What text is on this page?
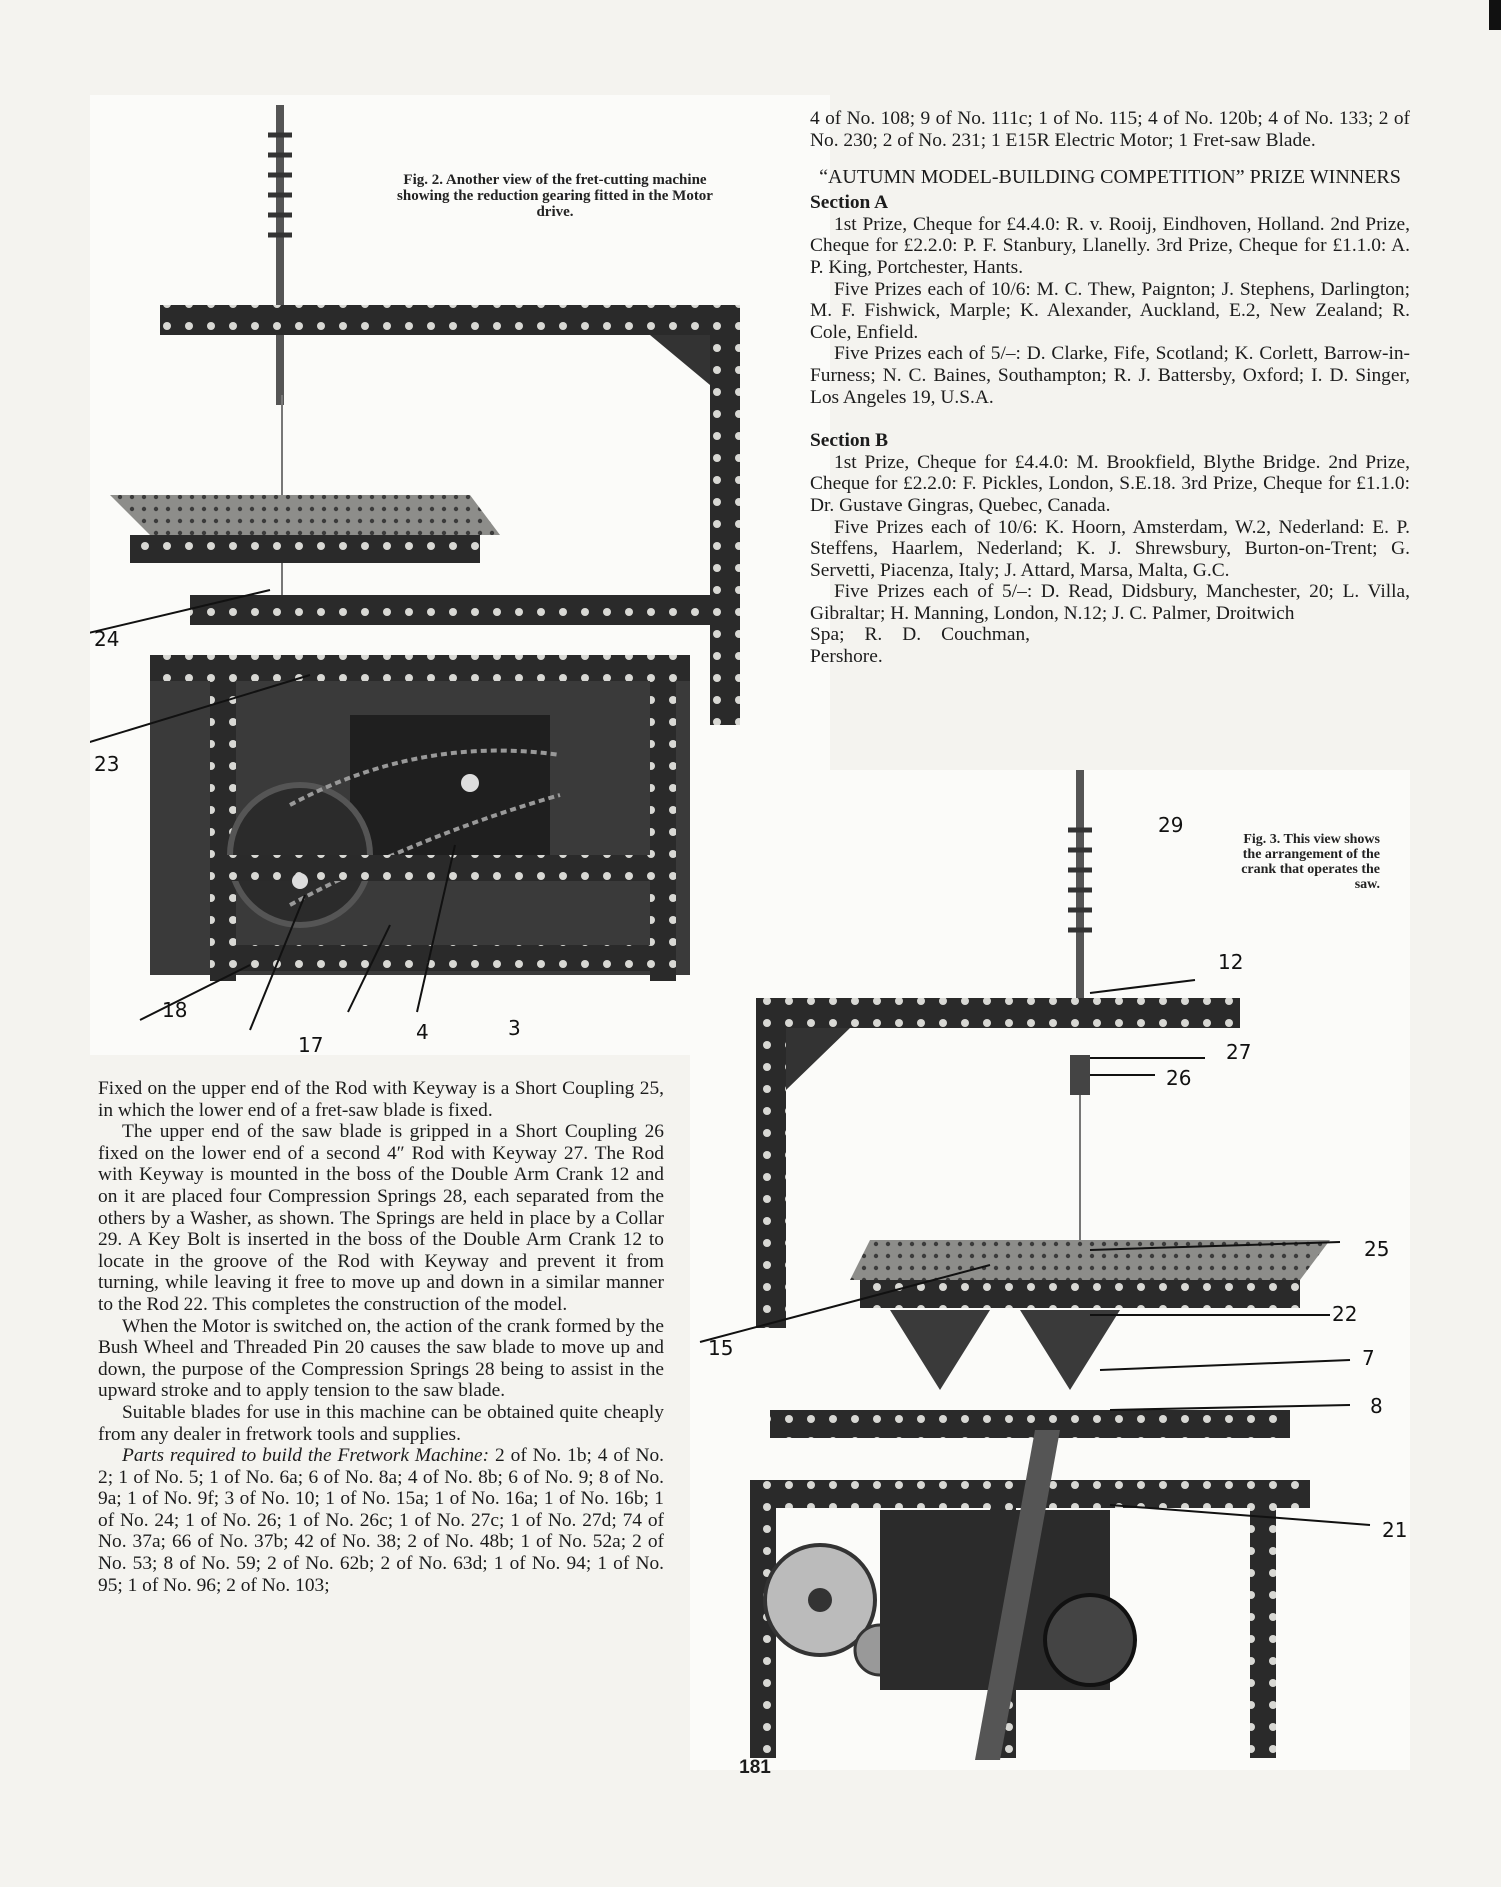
Fig. 2. Another view of the fret-cutting machine showing the reduction gearing fitted in the Motor drive.
24
23
18
17
4	3

4 of No. 108; 9 of No. 111c; 1 of No. 115; 4 of No. 120b; 4 of No. 133; 2 of No. 230; 2 of No. 231; 1 E15R Electric Motor; 1 Fret-saw Blade.

“AUTUMN MODEL-BUILDING COMPETITION” PRIZE WINNERS

Section A

1st Prize, Cheque for £4.4.0: R. v. Rooij, Eindhoven, Holland. 2nd Prize, Cheque for £2.2.0: P. F. Stanbury, Llanelly. 3rd Prize, Cheque for £1.1.0: A. P. King, Portchester, Hants.

Five Prizes each of 10/6: M. C. Thew, Paignton; J. Stephens, Darlington; M. F. Fishwick, Marple; K. Alexander, Auckland, E.2, New Zealand; R. Cole, Enfield.

Five Prizes each of 5/–: D. Clarke, Fife, Scotland; K. Corlett, Barrow-in-Furness; N. C. Baines, Southampton; R. J. Battersby, Oxford; I. D. Singer, Los Angeles 19, U.S.A.

Section B

1st Prize, Cheque for £4.4.0: M. Brookfield, Blythe Bridge. 2nd Prize, Cheque for £2.2.0: F. Pickles, London, S.E.18. 3rd Prize, Cheque for £1.1.0: Dr. Gustave Gingras, Quebec, Canada.

Five Prizes each of 10/6: K. Hoorn, Amsterdam, W.2, Nederland: E. P. Steffens, Haarlem, Nederland; K. J. Shrewsbury, Burton-on-Trent; G. Servetti, Piacenza, Italy; J. Attard, Marsa, Malta, G.C.

Five Prizes each of 5/–: D. Read, Didsbury, Manchester, 20; L. Villa, Gibraltar; H. Manning, London, N.12; J. C. Palmer, Droitwich

Spa; R. D. Couchman, Pershore.

Fig. 3. This view shows the arrangement of the crank that operates the saw.
29
12
27
26
25
22
15	7
8
21

Fixed on the upper end of the Rod with Keyway is a Short Coupling 25, in which the lower end of a fret-saw blade is fixed.

The upper end of the saw blade is gripped in a Short Coupling 26 fixed on the lower end of a second 4″ Rod with Keyway 27. The Rod with Keyway is mounted in the boss of the Double Arm Crank 12 and on it are placed four Compression Springs 28, each separated from the others by a Washer, as shown. The Springs are held in place by a Collar 29. A Key Bolt is inserted in the boss of the Double Arm Crank 12 to locate in the groove of the Rod with Keyway and prevent it from turning, while leaving it free to move up and down in a similar manner to the Rod 22. This completes the construction of the model.

When the Motor is switched on, the action of the crank formed by the Bush Wheel and Threaded Pin 20 causes the saw blade to move up and down, the purpose of the Compression Springs 28 being to assist in the upward stroke and to apply tension to the saw blade.

Suitable blades for use in this machine can be obtained quite cheaply from any dealer in fretwork tools and supplies.

Parts required to build the Fretwork Machine: 2 of No. 1b; 4 of No. 2; 1 of No. 5; 1 of No. 6a; 6 of No. 8a; 4 of No. 8b; 6 of No. 9; 8 of No. 9a; 1 of No. 9f; 3 of No. 10; 1 of No. 15a; 1 of No. 16a; 1 of No. 16b; 1 of No. 24; 1 of No. 26; 1 of No. 26c; 1 of No. 27c; 1 of No. 27d; 74 of No. 37a; 66 of No. 37b; 42 of No. 38; 2 of No. 48b; 1 of No. 52a; 2 of No. 53; 8 of No. 59; 2 of No. 62b; 2 of No. 63d; 1 of No. 94; 1 of No. 95; 1 of No. 96; 2 of No. 103;

181
